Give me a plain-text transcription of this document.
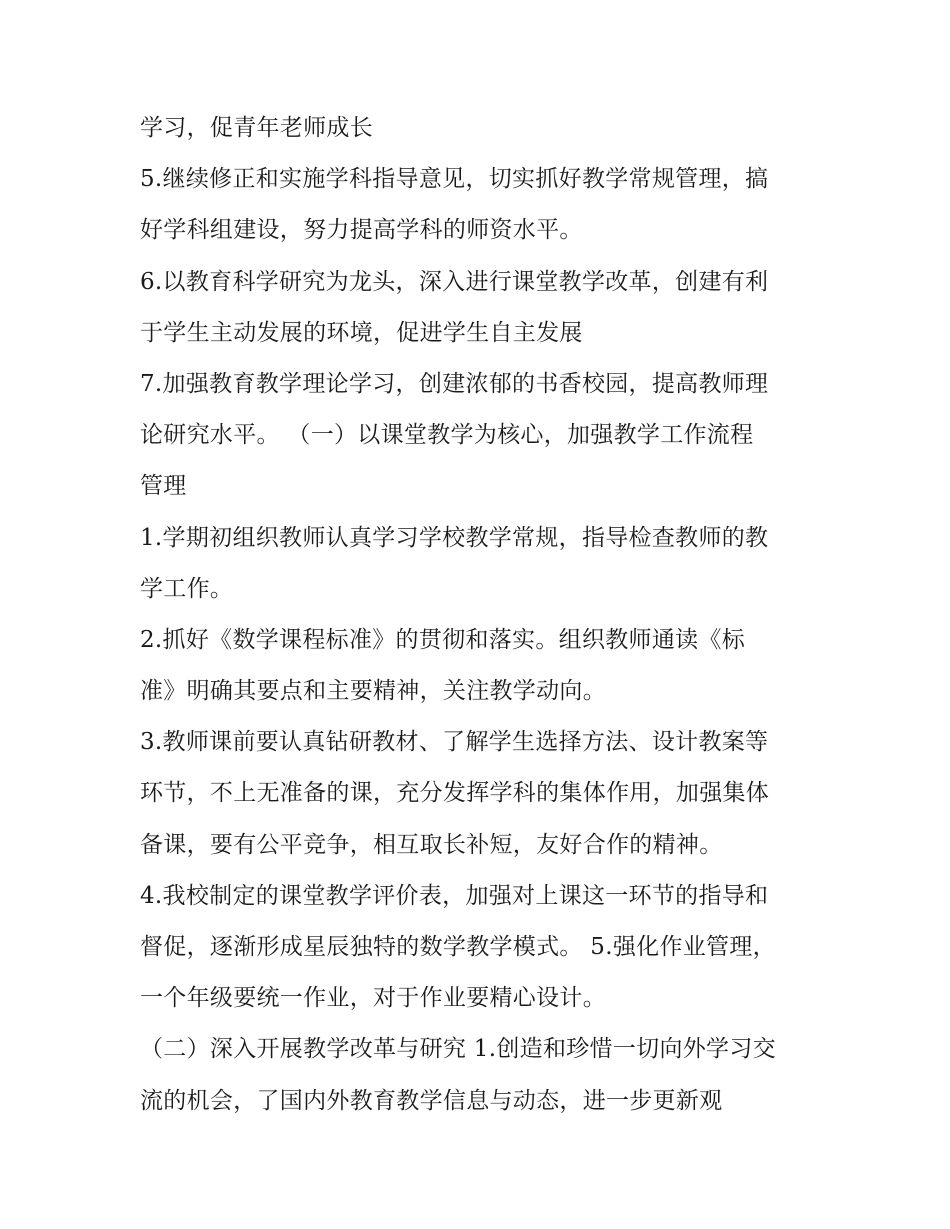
学习，促青年老师成长
5.继续修正和实施学科指导意见，切实抓好教学常规管理，搞
好学科组建设，努力提高学科的师资水平。
6.以教育科学研究为龙头，深入进行课堂教学改革，创建有利
于学生主动发展的环境，促进学生自主发展
7.加强教育教学理论学习，创建浓郁的书香校园，提高教师理
论研究水平。 （一）以课堂教学为核心，加强教学工作流程
管理
1.学期初组织教师认真学习学校教学常规，指导检查教师的教
学工作。
2.抓好《数学课程标准》的贯彻和落实。组织教师通读《标
准》明确其要点和主要精神，关注教学动向。
3.教师课前要认真钻研教材、了解学生选择方法、设计教案等
环节，不上无准备的课，充分发挥学科的集体作用，加强集体
备课，要有公平竞争，相互取长补短，友好合作的精神。
4.我校制定的课堂教学评价表，加强对上课这一环节的指导和
督促，逐渐形成星辰独特的数学教学模式。 5.强化作业管理，
一个年级要统一作业，对于作业要精心设计。
（二）深入开展教学改革与研究 1.创造和珍惜一切向外学习交
流的机会，了国内外教育教学信息与动态，进一步更新观
